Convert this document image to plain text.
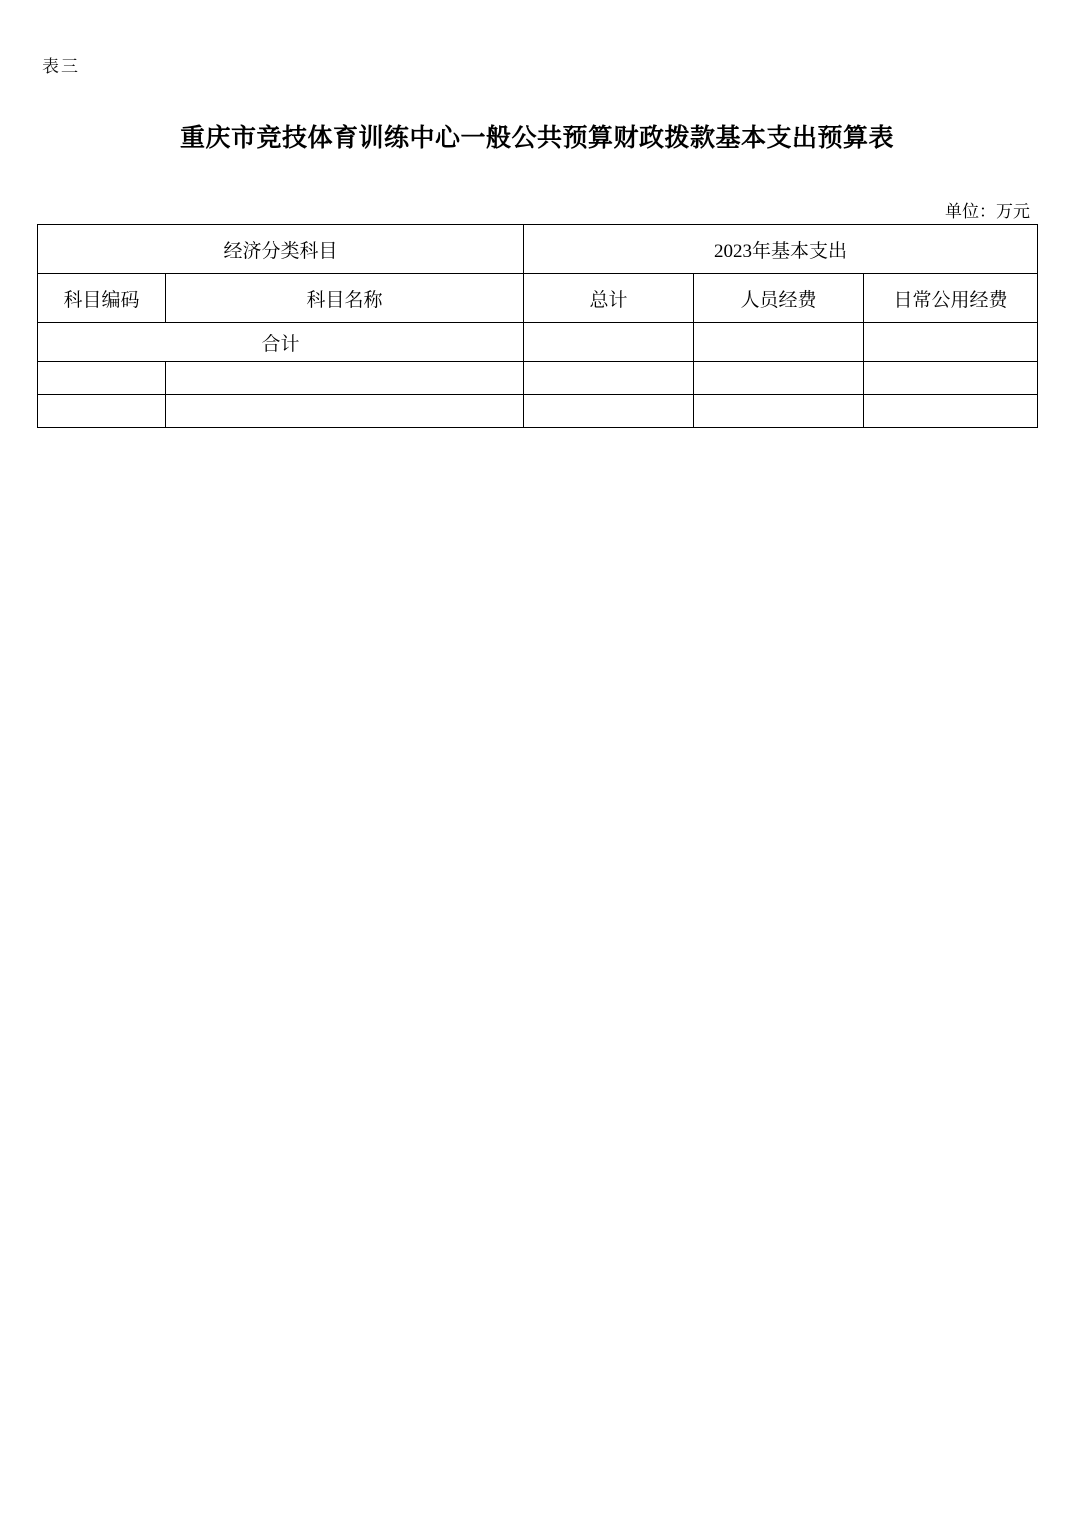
表三
重庆市竞技体育训练中心一般公共预算财政拨款基本支出预算表
单位：万元
经济分类科目		2023年基本支出		
科目编码	科目名称	总计	人员经费	日常公用经费
合计				
